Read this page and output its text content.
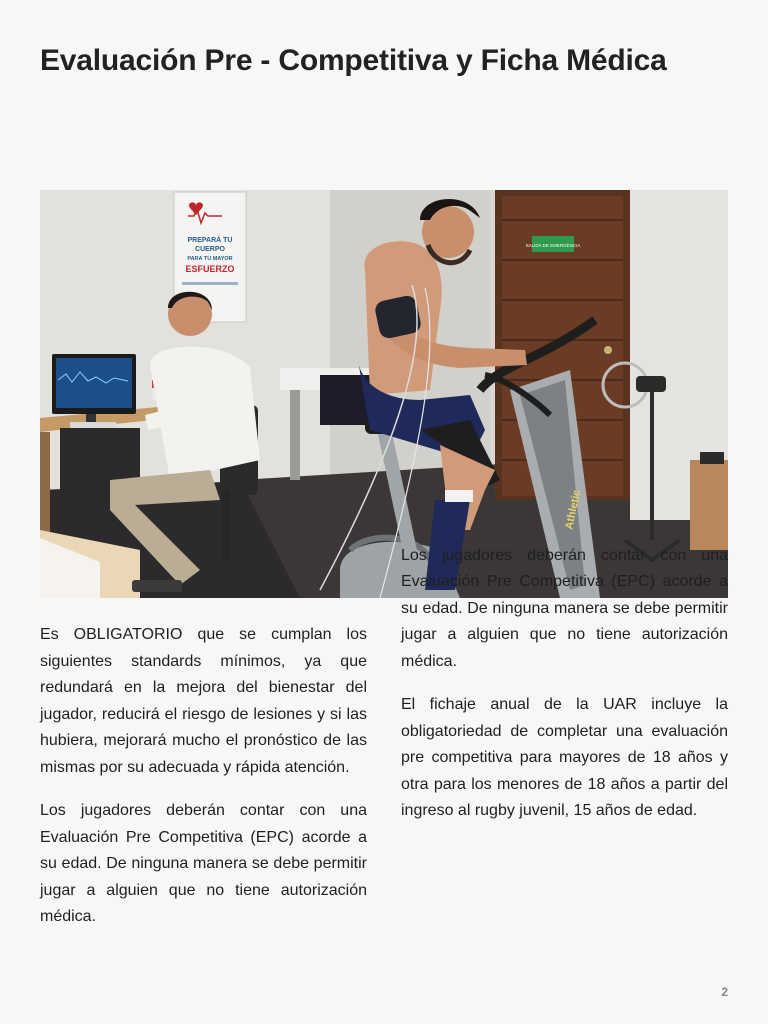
Evaluación Pre - Competitiva y Ficha Médica
SALIDA DE EMERGENCIA
PREPARÁ TU
CUERPO
PARA TU MAYOR
ESFUERZO
Athletic

Es OBLIGATORIO que se cumplan los siguientes standards mínimos, ya que redundará en la mejora del bienestar del jugador, reducirá el riesgo de lesiones y si las hubiera, mejorará mucho el pronóstico de las mismas por su adecuada y rápida atención.

Los jugadores deberán contar con una Evaluación Pre Competitiva (EPC) acorde a su edad. De ninguna manera se debe permitir jugar a alguien que no tiene autorización médica.

Los jugadores deberán contar con una Evaluación Pre Competitiva (EPC) acorde a su edad. De ninguna manera se debe permitir jugar a alguien que no tiene autorización médica.

El fichaje anual de la UAR incluye la obligatoriedad de completar una evaluación pre competitiva para mayores de 18 años y otra para los menores de 18 años a partir del ingreso al rugby juvenil, 15 años de edad.

2
